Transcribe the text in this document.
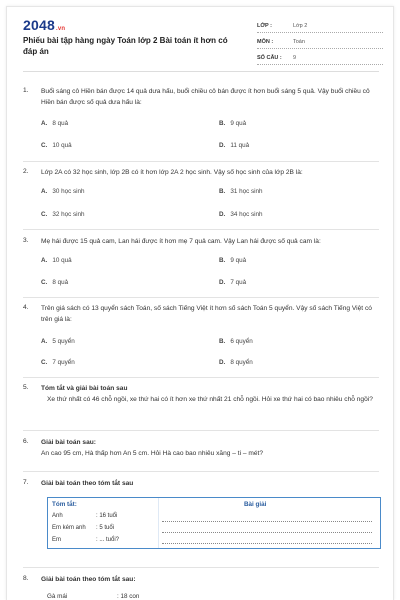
2048.vn
Phiếu bài tập hàng ngày Toán lớp 2 Bài toán ít hơn có đáp án
LỚP :	Lớp 2
MÔN :	Toán
SỐ CÂU : 9
1.	Buổi sáng cô Hiền bán được 14 quả dưa hấu, buổi chiều cô bán được ít hơn buổi sáng 5 quả. Vậy buổi chiều cô Hiền bán được số quả dưa hấu là:
A. 8 quả	B. 9 quả
C. 10 quả	D. 11 quả
2.	Lớp 2A có 32 học sinh, lớp 2B có ít hơn lớp 2A 2 học sinh. Vậy số học sinh của lớp 2B là:
A. 30 học sinh	B. 31 học sinh
C. 32 học sinh	D. 34 học sinh
3.	Mẹ hái được 15 quả cam, Lan hái được ít hơn mẹ 7 quả cam. Vậy Lan hái được số quả cam là:
A. 10 quả	B. 9 quả
C. 8 quả	D. 7 quả
4.	Trên giá sách có 13 quyển sách Toán, số sách Tiếng Việt ít hơn số sách Toán 5 quyển. Vậy số sách Tiếng Việt có trên giá là:
A. 5 quyển	B. 6 quyển
C. 7 quyển	D. 8 quyển
5.	Tóm tắt và giải bài toán sau
Xe thứ nhất có 46 chỗ ngồi, xe thứ hai có ít hơn xe thứ nhất 21 chỗ ngồi. Hỏi xe thứ hai có bao nhiêu chỗ ngồi?
6.	Giải bài toán sau:
An cao 95 cm, Hà thấp hơn An 5 cm. Hỏi Hà cao bao nhiêu xăng – ti – mét?
7.	Giải bài toán theo tóm tắt sau
Tóm tắt:	Bài giải
Anh	: 16 tuổi
Em kém anh : 5 tuổi
Em	: ... tuổi?
8.	Giải bài toán theo tóm tắt sau:
Gà mái	: 18 con
